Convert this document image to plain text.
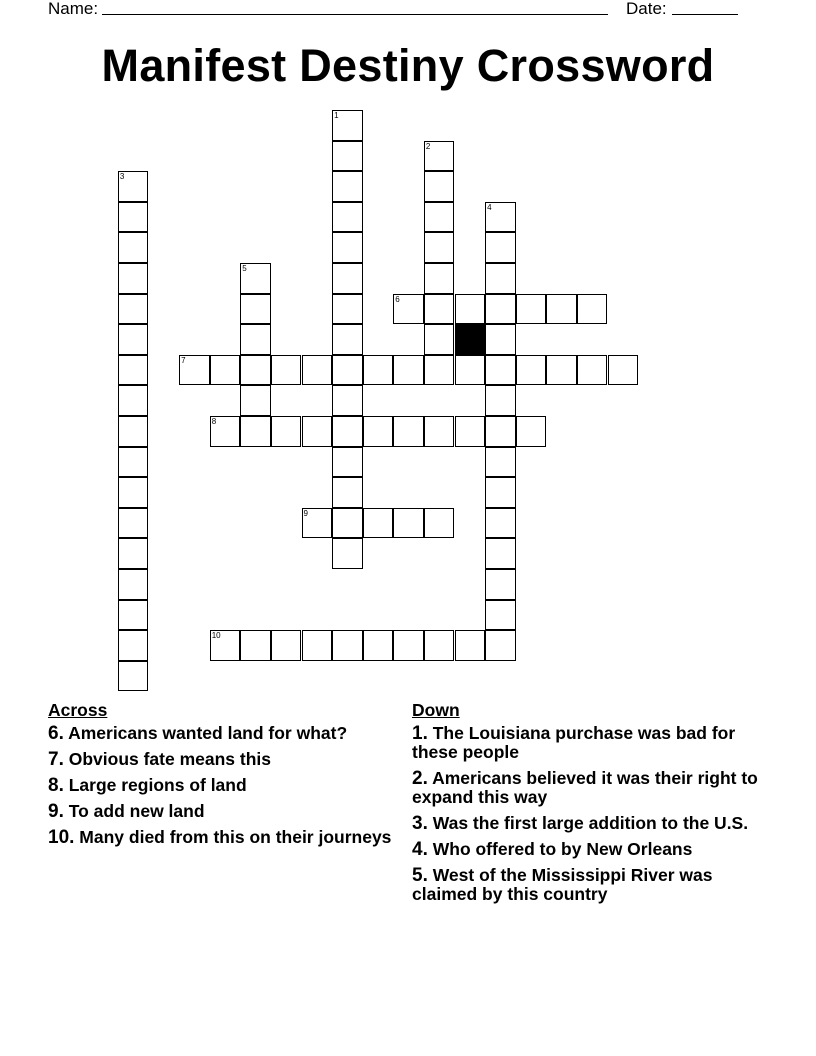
Name:	Date:
Manifest Destiny Crossword
6
7
8
9
10
1
2
3
4
5
Across
6. Americans wanted land for what?
7. Obvious fate means this
8. Large regions of land
9. To add new land
10. Many died from this on their journeys
Down
1. The Louisiana purchase was bad for these people
2. Americans believed it was their right to expand this way
3. Was the first large addition to the U.S.
4. Who offered to by New Orleans
5. West of the Mississippi River was claimed by this country
